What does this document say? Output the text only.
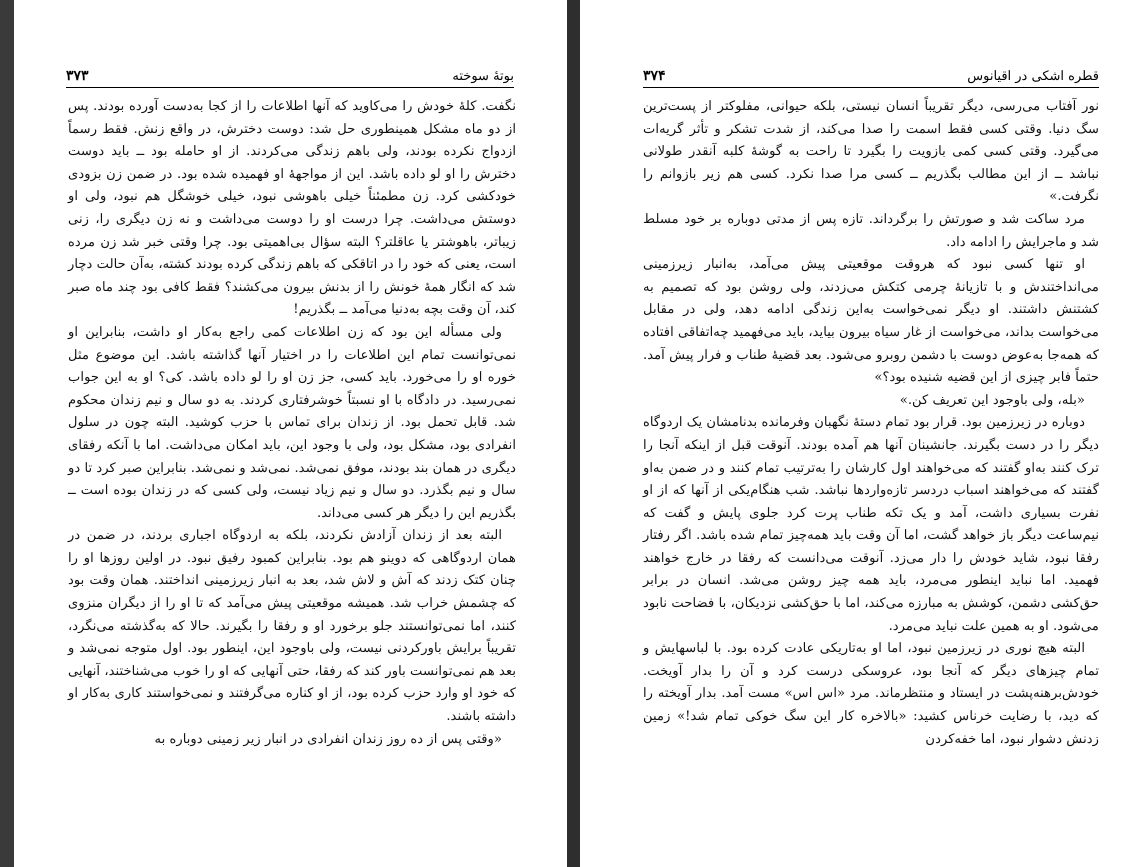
۳۷۳	بوتهٔ سوخته

نگفت. کلهٔ خودش را می‌کاوید که آنها اطلاعات را از کجا به‌دست آورده بودند. پس از دو ماه مشکل همینطوری حل شد: دوست دخترش، در واقع زنش. فقط رسماً ازدواج نکرده بودند، ولی باهم زندگی می‌کردند. از او حامله بود ــ باید دوست دخترش را او لو داده باشد. این از مواجههٔ او فهمیده شده بود. در ضمن زن بزودی خودکشی کرد. زن مطمئناً خیلی باهوشی نبود، خیلی خوشگل هم نبود، ولی او دوستش می‌داشت. چرا درست او را دوست می‌داشت و نه زن دیگری را، زنی زیباتر، باهوشتر یا عاقلتر؟ البته سؤال بی‌اهمیتی بود. چرا وقتی خبر شد زن مرده است، یعنی که خود را در اتاقکی که باهم زندگی کرده بودند کشته، به‌آن حالت دچار شد که انگار همهٔ خونش را از بدنش بیرون می‌کشند؟ فقط کافی بود چند ماه صبر کند، آن وقت بچه به‌دنیا می‌آمد ــ بگذریم!

ولی مسأله این بود که زن اطلاعات کمی راجع به‌کار او داشت، بنابراین او نمی‌توانست تمام این اطلاعات را در اختیار آنها گذاشته باشد. این موضوع مثل خوره او را می‌خورد. باید کسی، جز زن او را لو داده باشد. کی؟ او به این جواب نمی‌رسید. در دادگاه با او نسبتاً خوشرفتاری کردند. به دو سال و نیم زندان محکوم شد. قابل تحمل بود. از زندان برای تماس با حزب کوشید. البته چون در سلول انفرادی بود، مشکل بود، ولی با وجود این، باید امکان می‌داشت. اما با آنکه رفقای دیگری در همان بند بودند، موفق نمی‌شد. نمی‌شد و نمی‌شد. بنابراین صبر کرد تا دو سال و نیم بگذرد. دو سال و نیم زیاد نیست، ولی کسی که در زندان بوده است ــ بگذریم این را دیگر هر کسی می‌داند.

البته بعد از زندان آزادش نکردند، بلکه به اردوگاه اجباری بردند، در ضمن در همان اردوگاهی که دوینو هم بود. بنابراین کمبود رفیق نبود. در اولین روزها او را چنان کتک زدند که آش و لاش شد، بعد به انبار زیرزمینی انداختند. همان وقت بود که چشمش خراب شد. همیشه موقعیتی پیش می‌آمد که تا او را از دیگران منزوی کنند، اما نمی‌توانستند جلو برخورد او و رفقا را بگیرند. حالا که به‌گذشته می‌نگرد، تقریباً برایش باورکردنی نیست، ولی باوجود این، اینطور بود. اول متوجه نمی‌شد و بعد هم نمی‌توانست باور کند که رفقا، حتی آنهایی که او را خوب می‌شناختند، آنهایی که خود او وارد حزب کرده بود، از او کناره می‌گرفتند و نمی‌خواستند کاری به‌کار او داشته باشند.

«وقتی پس از ده روز زندان انفرادی در انبار زیر زمینی دوباره به

۳۷۴	قطره اشکی در اقیانوس

نور آفتاب می‌رسی، دیگر تقریباً انسان نیستی، بلکه حیوانی، مفلوکتر از پست‌ترین سگ دنیا. وقتی کسی فقط اسمت را صدا می‌کند، از شدت تشکر و تأثر گریه‌ات می‌گیرد. وقتی کسی کمی بازویت را بگیرد تا راحت به گوشهٔ کلبه آنقدر طولانی نباشد ــ از این مطالب بگذریم ــ کسی مرا صدا نکرد. کسی هم زیر بازوانم را نگرفت.»

مرد ساکت شد و صورتش را برگرداند. تازه پس از مدتی دوباره بر خود مسلط شد و ماجرایش را ادامه داد.

او تنها کسی نبود که هروقت موقعیتی پیش می‌آمد، به‌انبار زیرزمینی می‌انداختندش و با تازیانهٔ چرمی کتکش می‌زدند، ولی روشن بود که تصمیم به کشتنش داشتند. او دیگر نمی‌خواست به‌این زندگی ادامه دهد، ولی در مقابل می‌خواست بداند، می‌خواست از غار سیاه بیرون بیاید، باید می‌فهمید چه‌اتفاقی افتاده که همه‌جا به‌عوض دوست با دشمن روبرو می‌شود. بعد قضیهٔ طناب و فرار پیش آمد. حتماً فابر چیزی از این قضیه شنیده بود؟»

«بله، ولی باوجود این تعریف کن.»

دوباره در زیرزمین بود. قرار بود تمام دستهٔ نگهبان وفرمانده بدنامشان یک اردوگاه دیگر را در دست بگیرند. جانشینان آنها هم آمده بودند. آنوقت قبل از اینکه آنجا را ترک کنند به‌او گفتند که می‌خواهند اول کارشان را به‌ترتیب تمام کنند و در ضمن به‌او گفتند که می‌خواهند اسباب دردسر تازه‌واردها نباشد. شب هنگام‌یکی از آنها که از او نفرت بسیاری داشت، آمد و یک تکه طناب پرت کرد جلوی پایش و گفت که نیم‌ساعت دیگر باز خواهد گشت، اما آن وقت باید همه‌چیز تمام شده باشد. اگر رفتار رفقا نبود، شاید خودش را دار می‌زد. آنوقت می‌دانست که رفقا در خارج خواهند فهمید. اما نباید اینطور می‌مرد، باید همه چیز روشن می‌شد. انسان در برابر حق‌کشی دشمن، کوشش به مبارزه می‌کند، اما با حق‌کشی نزدیکان، با فضاحت نابود می‌شود. او به همین علت نباید می‌مرد.

البته هیچ نوری در زیرزمین نبود، اما او به‌تاریکی عادت کرده بود. با لباسهایش و تمام چیزهای دیگر که آنجا بود، عروسکی درست کرد و آن را بدار آویخت. خودش‌برهنه‌پشت در ایستاد و منتظرماند. مرد «اس اس» مست آمد. بدار آویخته را که دید، با رضایت خرناس کشید: «بالاخره کار این سگ خوکی تمام شد!» زمین زدنش دشوار نبود، اما خفه‌کردن
